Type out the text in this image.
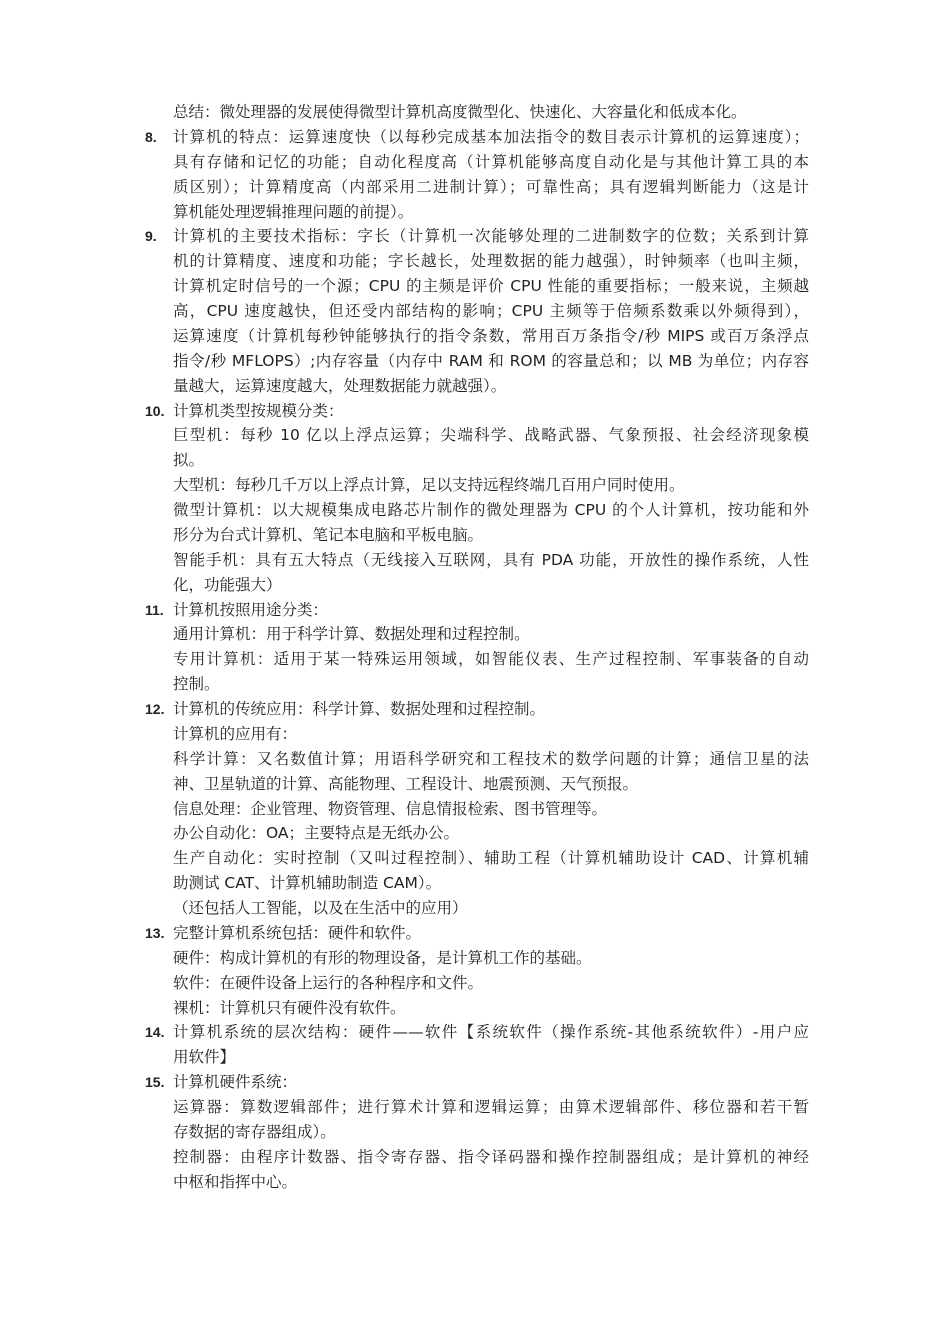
总结：微处理器的发展使得微型计算机高度微型化、快速化、大容量化和低成本化。
8. 计算机的特点：运算速度快（以每秒完成基本加法指令的数目表示计算机的运算速度）；
具有存储和记忆的功能；自动化程度高（计算机能够高度自动化是与其他计算工具的本
质区别）；计算精度高（内部采用二进制计算）；可靠性高；具有逻辑判断能力（这是计
算机能处理逻辑推理问题的前提）。
9. 计算机的主要技术指标：字长（计算机一次能够处理的二进制数字的位数；关系到计算
机的计算精度、速度和功能；字长越长，处理数据的能力越强），时钟频率（也叫主频，
计算机定时信号的一个源；CPU 的主频是评价 CPU 性能的重要指标；一般来说，主频越
高，CPU 速度越快，但还受内部结构的影响；CPU 主频等于倍频系数乘以外频得到），
运算速度（计算机每秒钟能够执行的指令条数，常用百万条指令/秒 MIPS 或百万条浮点
指令/秒 MFLOPS）;内存容量（内存中 RAM 和 ROM 的容量总和；以 MB 为单位；内存容
量越大，运算速度越大，处理数据能力就越强）。
10. 计算机类型按规模分类：
巨型机：每秒 10 亿以上浮点运算；尖端科学、战略武器、气象预报、社会经济现象模
拟。
大型机：每秒几千万以上浮点计算，足以支持远程终端几百用户同时使用。
微型计算机：以大规模集成电路芯片制作的微处理器为 CPU 的个人计算机，按功能和外
形分为台式计算机、笔记本电脑和平板电脑。
智能手机：具有五大特点（无线接入互联网，具有 PDA 功能，开放性的操作系统，人性
化，功能强大）
11. 计算机按照用途分类：
通用计算机：用于科学计算、数据处理和过程控制。
专用计算机：适用于某一特殊运用领域，如智能仪表、生产过程控制、军事装备的自动
控制。
12. 计算机的传统应用：科学计算、数据处理和过程控制。
计算机的应用有：
科学计算：又名数值计算；用语科学研究和工程技术的数学问题的计算；通信卫星的法
神、卫星轨道的计算、高能物理、工程设计、地震预测、天气预报。
信息处理：企业管理、物资管理、信息情报检索、图书管理等。
办公自动化：OA；主要特点是无纸办公。
生产自动化：实时控制（又叫过程控制）、辅助工程（计算机辅助设计 CAD、计算机辅
助测试 CAT、计算机辅助制造 CAM）。
（还包括人工智能，以及在生活中的应用）
13. 完整计算机系统包括：硬件和软件。
硬件：构成计算机的有形的物理设备，是计算机工作的基础。
软件：在硬件设备上运行的各种程序和文件。
裸机：计算机只有硬件没有软件。
14. 计算机系统的层次结构：硬件——软件【系统软件（操作系统-其他系统软件）-用户应
用软件】
15. 计算机硬件系统：
运算器：算数逻辑部件；进行算术计算和逻辑运算；由算术逻辑部件、移位器和若干暂
存数据的寄存器组成）。
控制器：由程序计数器、指令寄存器、指令译码器和操作控制器组成；是计算机的神经
中枢和指挥中心。
